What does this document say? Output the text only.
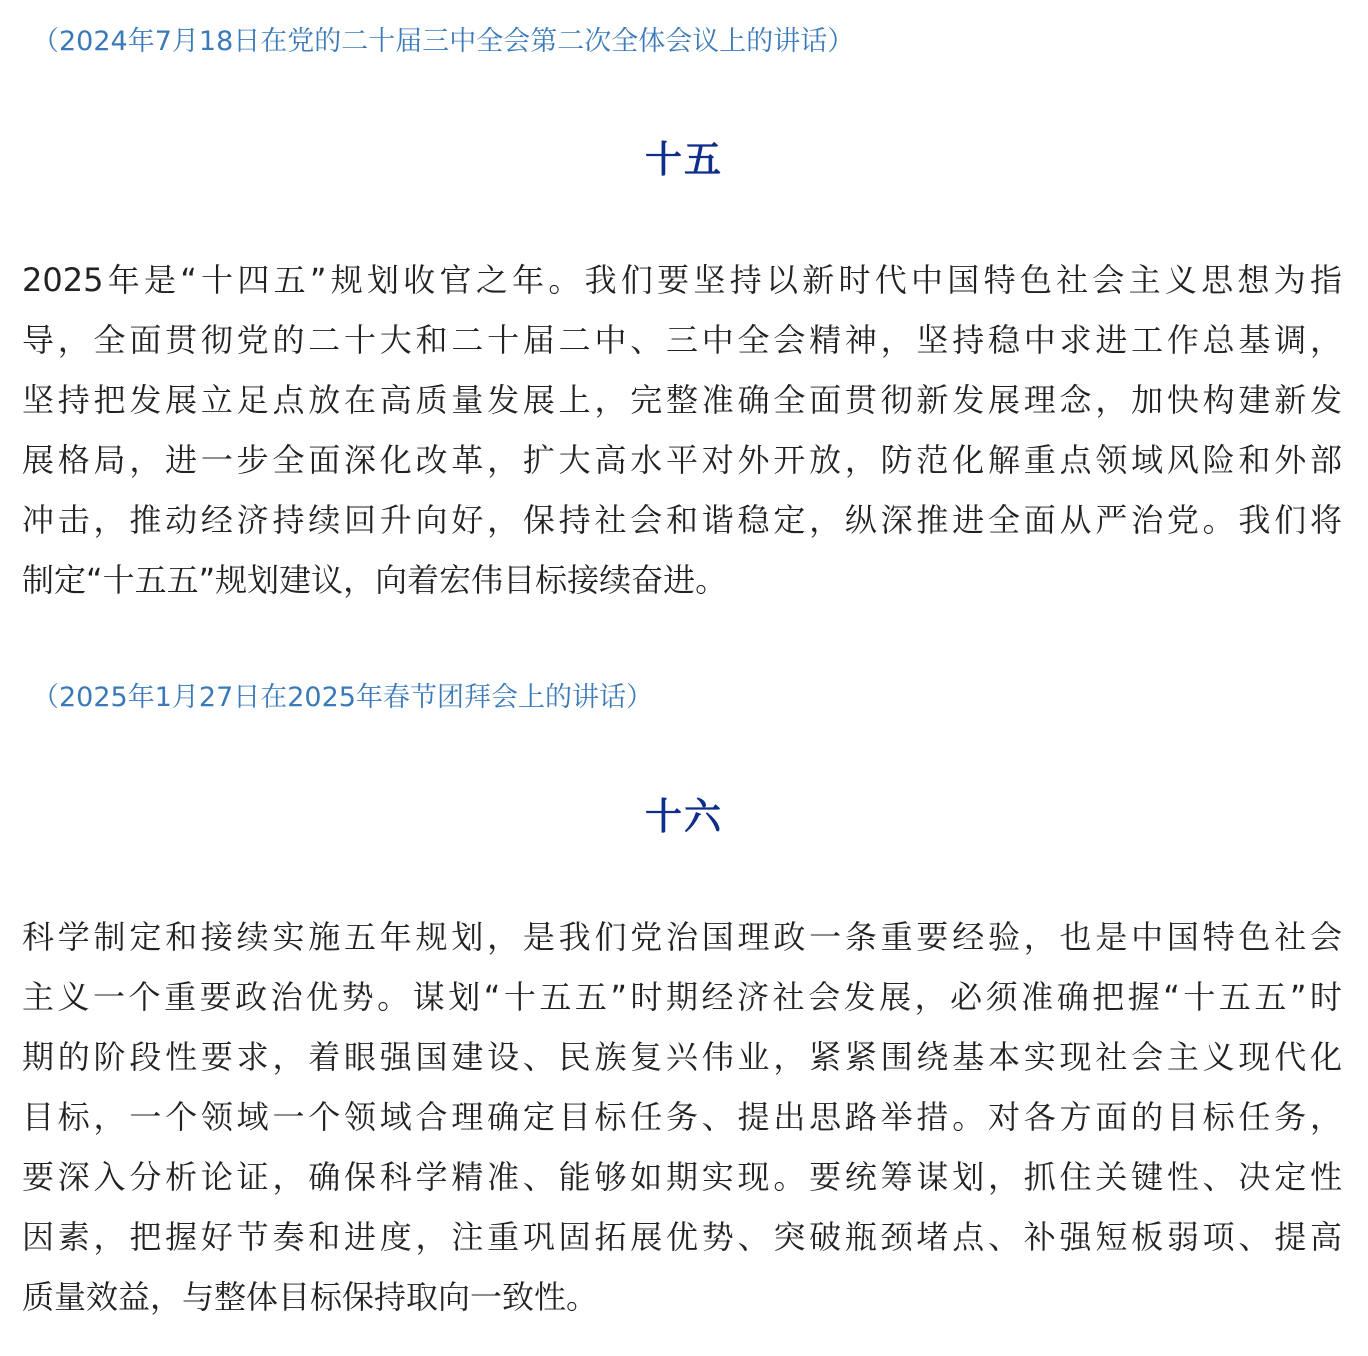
（2024年7月18日在党的二十届三中全会第二次全体会议上的讲话）
十五
2025年是“十四五”规划收官之年。我们要坚持以新时代中国特色社会主义思想为指
导，全面贯彻党的二十大和二十届二中、三中全会精神，坚持稳中求进工作总基调，
坚持把发展立足点放在高质量发展上，完整准确全面贯彻新发展理念，加快构建新发
展格局，进一步全面深化改革，扩大高水平对外开放，防范化解重点领域风险和外部
冲击，推动经济持续回升向好，保持社会和谐稳定，纵深推进全面从严治党。我们将
制定“十五五”规划建议，向着宏伟目标接续奋进。
（2025年1月27日在2025年春节团拜会上的讲话）
十六
科学制定和接续实施五年规划，是我们党治国理政一条重要经验，也是中国特色社会
主义一个重要政治优势。谋划“十五五”时期经济社会发展，必须准确把握“十五五”时
期的阶段性要求，着眼强国建设、民族复兴伟业，紧紧围绕基本实现社会主义现代化
目标，一个领域一个领域合理确定目标任务、提出思路举措。对各方面的目标任务，
要深入分析论证，确保科学精准、能够如期实现。要统筹谋划，抓住关键性、决定性
因素，把握好节奏和进度，注重巩固拓展优势、突破瓶颈堵点、补强短板弱项、提高
质量效益，与整体目标保持取向一致性。
